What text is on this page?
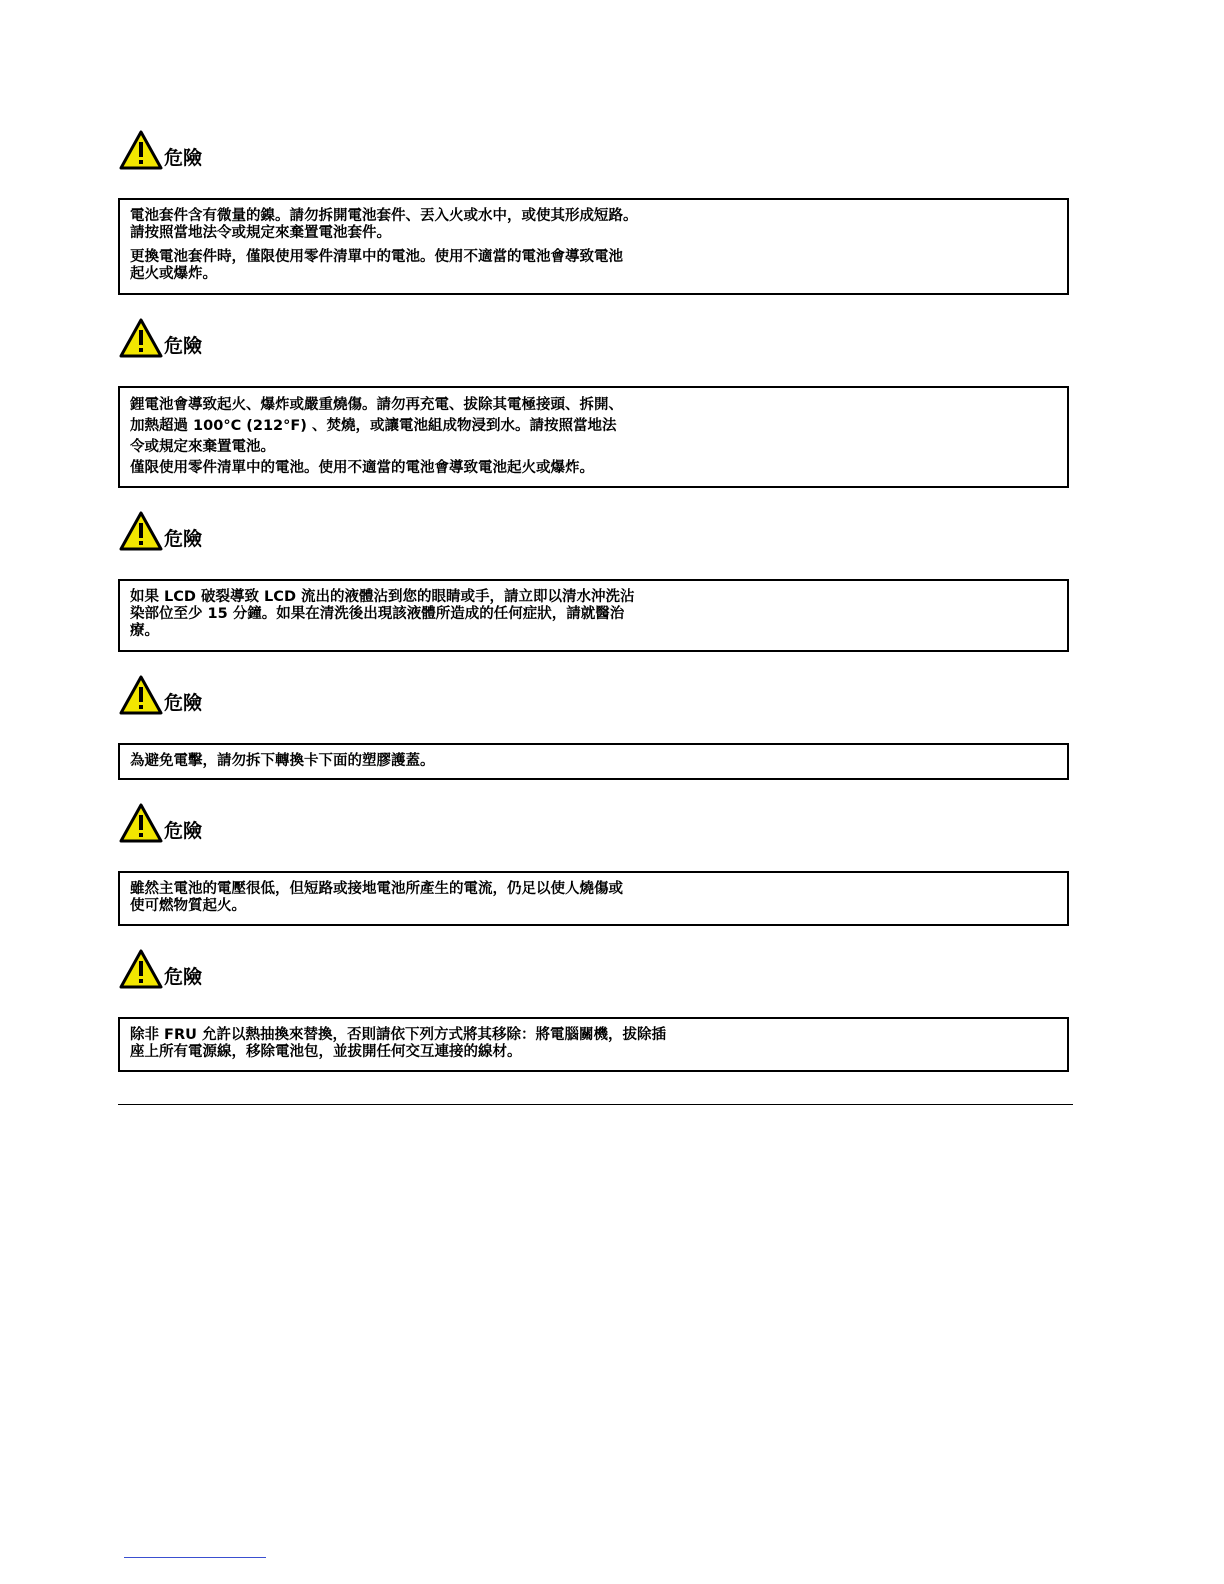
危險

電池套件含有微量的鎳。請勿拆開電池套件、丟入火或水中，或使其形成短路。
請按照當地法令或規定來棄置電池套件。

更換電池套件時，僅限使用零件清單中的電池。使用不適當的電池會導致電池
起火或爆炸。

危險

鋰電池會導致起火、爆炸或嚴重燒傷。請勿再充電、拔除其電極接頭、拆開、
加熱超過 100°C (212°F) 、焚燒，或讓電池組成物浸到水。請按照當地法
令或規定來棄置電池。
僅限使用零件清單中的電池。使用不適當的電池會導致電池起火或爆炸。

危險

如果 LCD 破裂導致 LCD 流出的液體沾到您的眼睛或手，請立即以清水沖洗沾
染部位至少 15 分鐘。如果在清洗後出現該液體所造成的任何症狀，請就醫治
療。

危險

為避免電擊，請勿拆下轉換卡下面的塑膠護蓋。

危險

雖然主電池的電壓很低，但短路或接地電池所產生的電流，仍足以使人燒傷或
使可燃物質起火。

危險

除非 FRU 允許以熱抽換來替換，否則請依下列方式將其移除：將電腦關機，拔除插
座上所有電源線，移除電池包，並拔開任何交互連接的線材。
